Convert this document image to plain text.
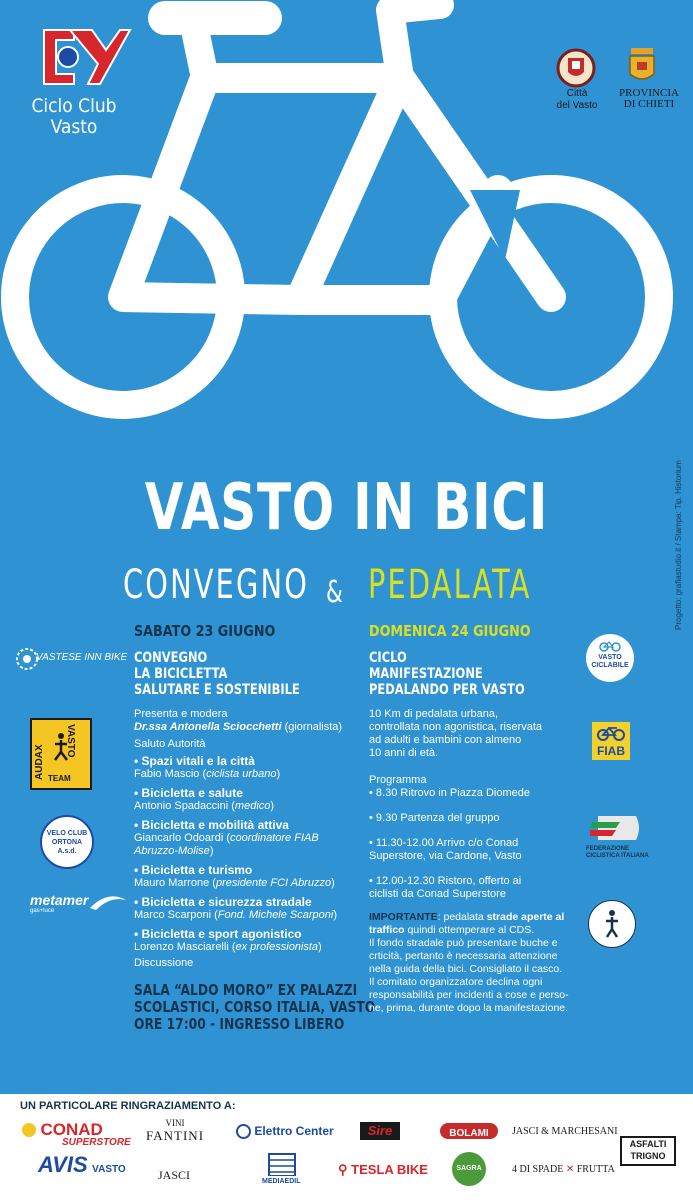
Ciclo Club
Vasto
Città
del Vasto
PROVINCIA
DI CHIETI
Progetto: grafiastudio.it / Stampa: Tip. Historium
VASTO IN BICI
CONVEGNO & PEDALATA
SABATO 23 GIUGNO
CONVEGNO
LA BICICLETTA
SALUTARE E SOSTENIBILE
Presenta e modera
Dr.ssa Antonella Sciocchetti (giornalista)
Saluto Autorità
• Spazi vitali e la città
Fabio Mascio (ciclista urbano)
• Bicicletta e salute
Antonio Spadaccini (medico)
• Bicicletta e mobilità attiva
Giancarlo Odoardi (coordinatore FIAB
Abruzzo-Molise)
• Bicicletta e turismo
Mauro Marrone (presidente FCI Abruzzo)
• Bicicletta e sicurezza stradale
Marco Scarponi (Fond. Michele Scarponi)
• Bicicletta e sport agonistico
Lorenzo Masciarelli (ex professionista)
Discussione
SALA “ALDO MORO” EX PALAZZI
SCOLASTICI, CORSO ITALIA, VASTO
ORE 17:00 - INGRESSO LIBERO
DOMENICA 24 GIUGNO
CICLO
MANIFESTAZIONE
PEDALANDO PER VASTO
10 Km di pedalata urbana,
controllata non agonistica, riservata
ad adulti e bambini con almeno
10 anni di età.
Programma
• 8.30 Ritrovo in Piazza Diomede
• 9.30 Partenza del gruppo
• 11.30-12.00 Arrivo c/o Conad
Superstore, via Cardone, Vasto
• 12.00-12.30 Ristoro, offerto ai
ciclisti da Conad Superstore
IMPORTANTE: pedalata strade aperte al
traffico quindi ottemperare al CDS.
Il fondo stradale può presentare buche e
crticità, pertanto è necessaria attenzione
nella guida della bici. Consigliato il casco.
Il comitato organizzatore declina ogni
responsabilità per incidenti a cose e perso-
ne, prima, durante dopo la manifestazione.
VASTESE INN BIKE
AUDAX
VASTO
TEAM
VELO CLUB
ORTONA
A.s.d.
metamer
gas+luce
VASTO
CICLABILE
FIAB
FEDERAZIONE
CICLISTICA ITALIANA
UN PARTICOLARE RINGRAZIAMENTO A:
CONAD
SUPERSTORE
VINI
FANTINI	Elettro Center	Sire	BOLAMI	JASCI & MARCHESANI
ASFALTI
TRIGNO
AVIS VASTO	JASCI	MEDIAEDIL
⚲ TESLA BIKE	SAGRA	4 DI SPADE ✕ FRUTTA
